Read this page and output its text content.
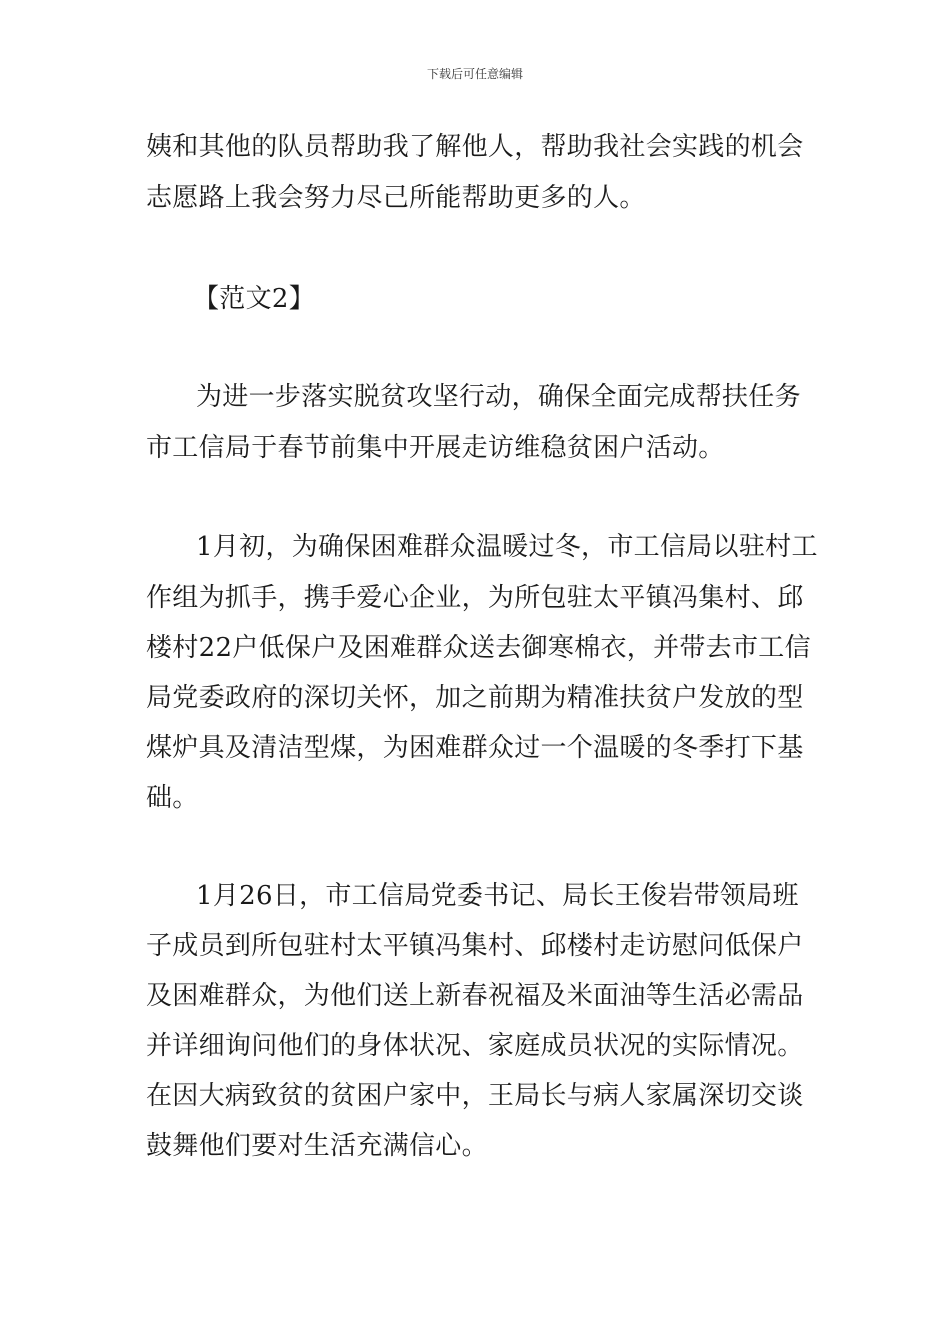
下载后可任意编辑
姨和其他的队员帮助我了解他人，帮助我社会实践的机会
志愿路上我会努力尽己所能帮助更多的人。
【范文2】
为进一步落实脱贫攻坚行动，确保全面完成帮扶任务
市工信局于春节前集中开展走访维稳贫困户活动。
1月初，为确保困难群众温暖过冬，市工信局以驻村工
作组为抓手，携手爱心企业，为所包驻太平镇冯集村、邱
楼村22户低保户及困难群众送去御寒棉衣，并带去市工信
局党委政府的深切关怀，加之前期为精准扶贫户发放的型
煤炉具及清洁型煤，为困难群众过一个温暖的冬季打下基
础。
1月26日，市工信局党委书记、局长王俊岩带领局班
子成员到所包驻村太平镇冯集村、邱楼村走访慰问低保户
及困难群众，为他们送上新春祝福及米面油等生活必需品
并详细询问他们的身体状况、家庭成员状况的实际情况。
在因大病致贫的贫困户家中，王局长与病人家属深切交谈
鼓舞他们要对生活充满信心。
